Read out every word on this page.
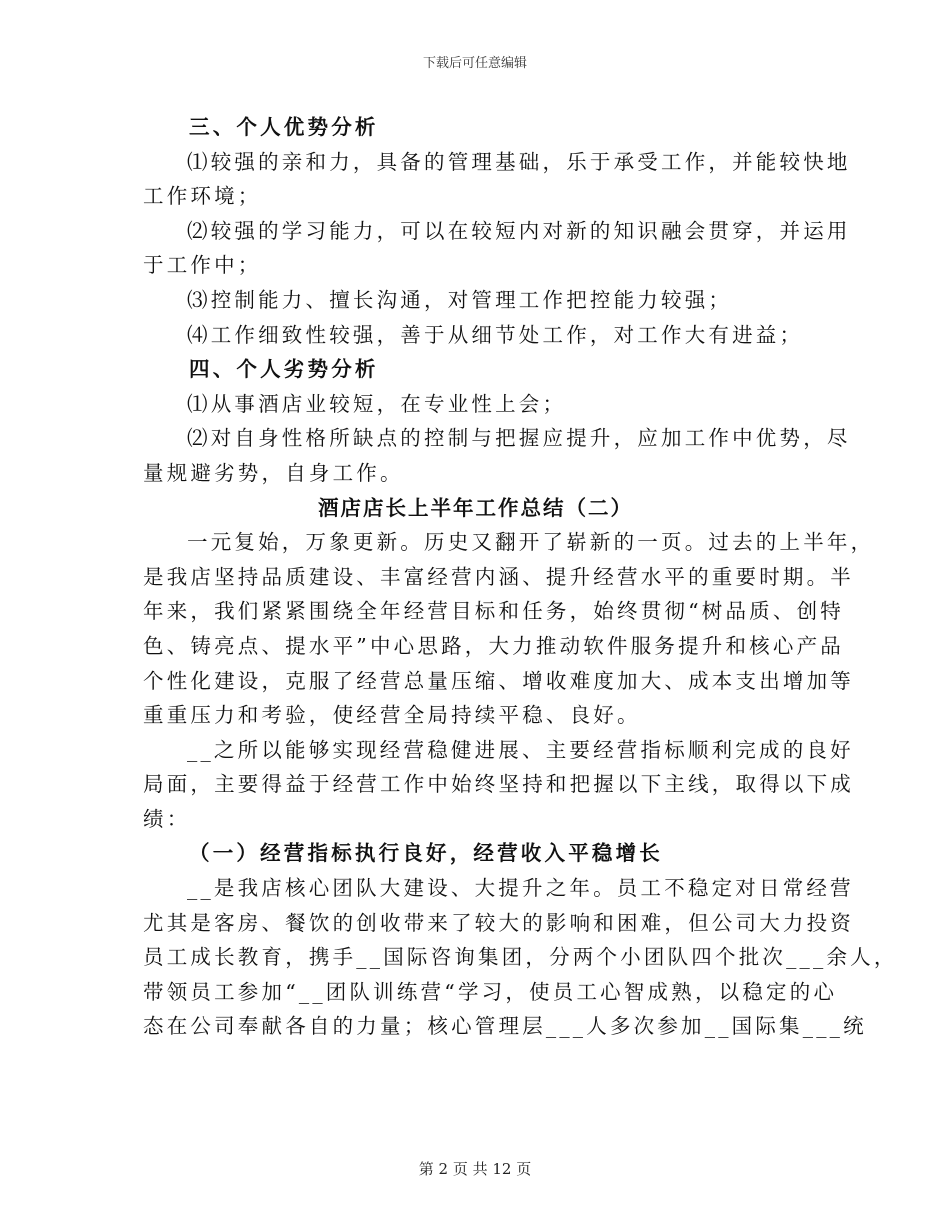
下载后可任意编辑
三、个人优势分析
⑴较强的亲和力，具备的管理基础，乐于承受工作，并能较快地
工作环境；
⑵较强的学习能力，可以在较短内对新的知识融会贯穿，并运用
于工作中；
⑶控制能力、擅长沟通，对管理工作把控能力较强；
⑷工作细致性较强，善于从细节处工作，对工作大有进益；
四、个人劣势分析
⑴从事酒店业较短，在专业性上会；
⑵对自身性格所缺点的控制与把握应提升，应加工作中优势，尽
量规避劣势，自身工作。
酒店店长上半年工作总结（二）
一元复始，万象更新。历史又翻开了崭新的一页。过去的上半年，
是我店坚持品质建设、丰富经营内涵、提升经营水平的重要时期。半
年来，我们紧紧围绕全年经营目标和任务，始终贯彻“树品质、创特
色、铸亮点、提水平”中心思路，大力推动软件服务提升和核心产品
个性化建设，克服了经营总量压缩、增收难度加大、成本支出增加等
重重压力和考验，使经营全局持续平稳、良好。
__之所以能够实现经营稳健进展、主要经营指标顺利完成的良好
局面，主要得益于经营工作中始终坚持和把握以下主线，取得以下成
绩：
（一）经营指标执行良好，经营收入平稳增长
__是我店核心团队大建设、大提升之年。员工不稳定对日常经营
尤其是客房、餐饮的创收带来了较大的影响和困难，但公司大力投资
员工成长教育，携手__国际咨询集团，分两个小团队四个批次___余人，
带领员工参加“__团队训练营“学习，使员工心智成熟，以稳定的心
态在公司奉献各自的力量；核心管理层___人多次参加__国际集___统
第 2 页 共 12 页
